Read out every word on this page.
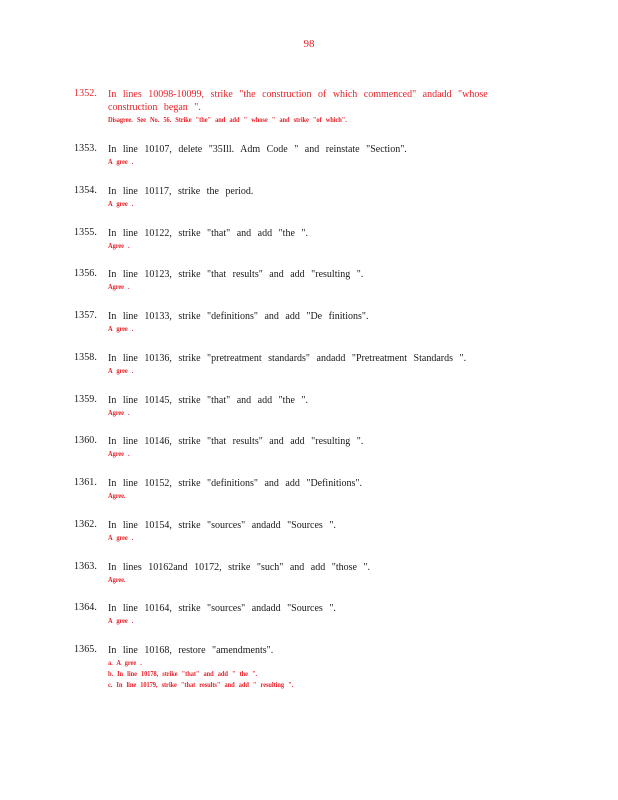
98
1352. In lines 10098-10099, strike "the construction of which commenced" andadd "whose
construction began ".
Disagree. See No. 56. Strike "the" and add " whose " and strike "of which".
1353. In line 10107, delete "35Ill. Adm Code " and reinstate "Section".
A gree .
1354. In line 10117, strike the period.
A gree .
1355. In line 10122, strike "that" and add "the ".
Agree .
1356. In line 10123, strike "that results" and add "resulting ".
Agree .
1357. In line 10133, strike "definitions" and add "De finitions".
A gree .
1358. In line 10136, strike "pretreatment standards" andadd "Pretreatment Standards ".
A gree .
1359. In line 10145, strike "that" and add "the ".
Agree .
1360. In line 10146, strike "that results" and add "resulting ".
Agree .
1361. In line 10152, strike "definitions" and add "Definitions".
Agree.
1362. In line 10154, strike "sources" andadd "Sources ".
A gree .
1363. In lines 10162and 10172, strike "such" and add "those ".
Agree.
1364. In line 10164, strike "sources" andadd "Sources ".
A gree .
1365. In line 10168, restore "amendments".
a. A gree .
b. In line 10178, strike "that" and add " the ".
c. In line 10179, strike "that results" and add " resulting ".
